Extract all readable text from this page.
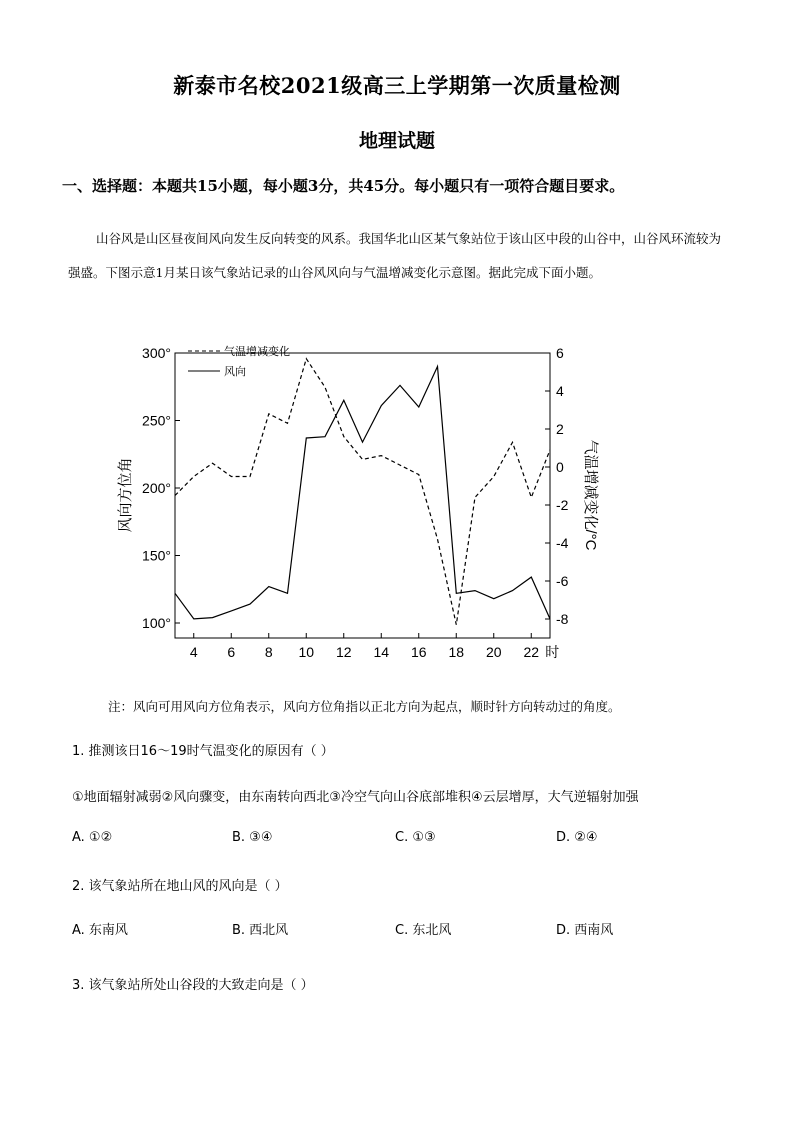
新泰市名校2021级高三上学期第一次质量检测
地理试题
一、选择题：本题共15小题，每小题3分，共45分。每小题只有一项符合题目要求。
山谷风是山区昼夜间风向发生反向转变的风系。我国华北山区某气象站位于该山区中段的山谷中，山谷风环流较为强盛。下图示意1月某日该气象站记录的山谷风风向与气温增减变化示意图。据此完成下面小题。
100°
150°
200°
250°
300°
-8
-6
-4
-2
0
2
4
6
4 6 8 10 12 14 16 18 20 22 时
风向方位角	气温增减变化/°C
气温增减变化
风向
注：风向可用风向方位角表示，风向方位角指以正北方向为起点，顺时针方向转动过的角度。
1. 推测该日16～19时气温变化的原因有（ ）
①地面辐射减弱②风向骤变，由东南转向西北③冷空气向山谷底部堆积④云层增厚，大气逆辐射加强
A. ①②	B. ③④	C. ①③	D. ②④
2. 该气象站所在地山风的风向是（ ）
A. 东南风	B. 西北风	C. 东北风	D. 西南风
3. 该气象站所处山谷段的大致走向是（ ）
